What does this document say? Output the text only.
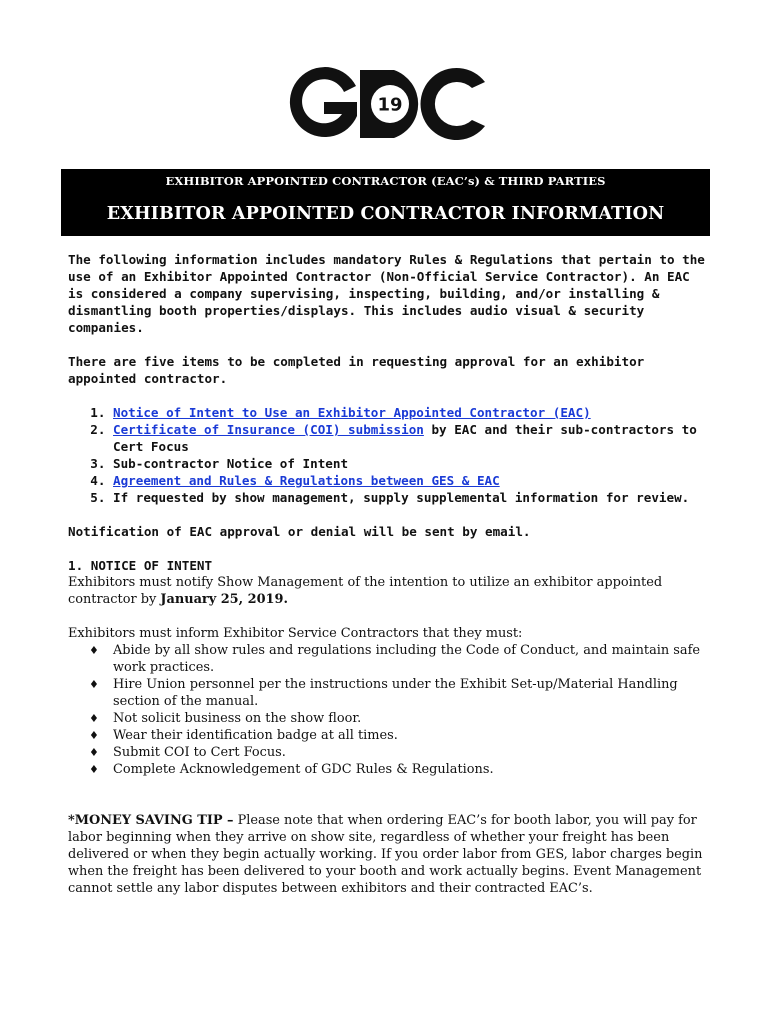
19
EXHIBITOR APPOINTED CONTRACTOR (EAC’s) & THIRD PARTIES
EXHIBITOR APPOINTED CONTRACTOR INFORMATION

The following information includes mandatory Rules & Regulations that pertain to the use of an Exhibitor Appointed Contractor (Non-Official Service Contractor). An EAC is considered a company supervising, inspecting, building, and/or installing & dismantling booth properties/displays. This includes audio visual & security companies.

There are five items to be completed in requesting approval for an exhibitor appointed contractor.

1. Notice of Intent to Use an Exhibitor Appointed Contractor (EAC)
2. Certificate of Insurance (COI) submission by EAC and their sub-contractors to Cert Focus
3. Sub-contractor Notice of Intent
4. Agreement and Rules & Regulations between GES & EAC
5. If requested by show management, supply supplemental information for review.

Notification of EAC approval or denial will be sent by email.

1. NOTICE OF INTENT

Exhibitors must notify Show Management of the intention to utilize an exhibitor appointed contractor by January 25, 2019.

Exhibitors must inform Exhibitor Service Contractors that they must:

♦ Abide by all show rules and regulations including the Code of Conduct, and maintain safe work practices.
♦ Hire Union personnel per the instructions under the Exhibit Set-up/Material Handling section of the manual.
♦ Not solicit business on the show floor.
♦ Wear their identification badge at all times.
♦ Submit COI to Cert Focus.
♦ Complete Acknowledgement of GDC Rules & Regulations.

*MONEY SAVING TIP – Please note that when ordering EAC’s for booth labor, you will pay for labor beginning when they arrive on show site, regardless of whether your freight has been delivered or when they begin actually working. If you order labor from GES, labor charges begin when the freight has been delivered to your booth and work actually begins. Event Management cannot settle any labor disputes between exhibitors and their contracted EAC’s.
